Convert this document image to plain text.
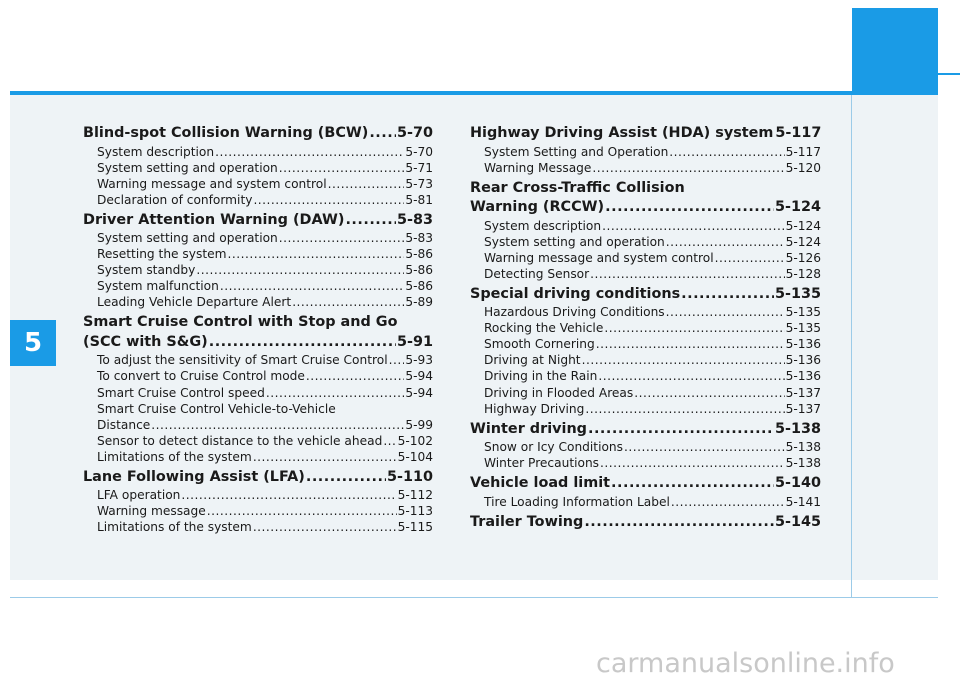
5
Blind-spot Collision Warning (BCW) ..... 5-70
System description .....	5-70
System setting and operation .....	5-71
Warning message and system control .....	5-73
Declaration of conformity .....	5-81
Driver Attention Warning (DAW) .....	5-83
System setting and operation .....	5-83
Resetting the system .....	5-86
System standby .....	5-86
System malfunction .....	5-86
Leading Vehicle Departure Alert .....	5-89
Smart Cruise Control with Stop and Go
(SCC with S&G) .....	5-91
To adjust the sensitivity of Smart Cruise Control ..... 5-93
To convert to Cruise Control mode .....	5-94
Smart Cruise Control speed .....	5-94
Smart Cruise Control Vehicle-to-Vehicle
Distance .....	5-99
Sensor to detect distance to the vehicle ahead ..... 5-102
Limitations of the system .....	5-104
Lane Following Assist (LFA) .....	5-110
LFA operation .....	5-112
Warning message .....	5-113
Limitations of the system .....	5-115
Highway Driving Assist (HDA) system 5-117
System Setting and Operation .....	5-117
Warning Message .....	5-120
Rear Cross-Traffic Collision
Warning (RCCW) .....	5-124
System description .....	5-124
System setting and operation .....	5-124
Warning message and system control .....	5-126
Detecting Sensor .....	5-128
Special driving conditions .....	5-135
Hazardous Driving Conditions .....	5-135
Rocking the Vehicle .....	5-135
Smooth Cornering .....	5-136
Driving at Night .....	5-136
Driving in the Rain .....	5-136
Driving in Flooded Areas .....	5-137
Highway Driving .....	5-137
Winter driving .....	5-138
Snow or Icy Conditions .....	5-138
Winter Precautions .....	5-138
Vehicle load limit .....	5-140
Tire Loading Information Label .....	5-141
Trailer Towing .....	5-145
carmanualsonline.info
